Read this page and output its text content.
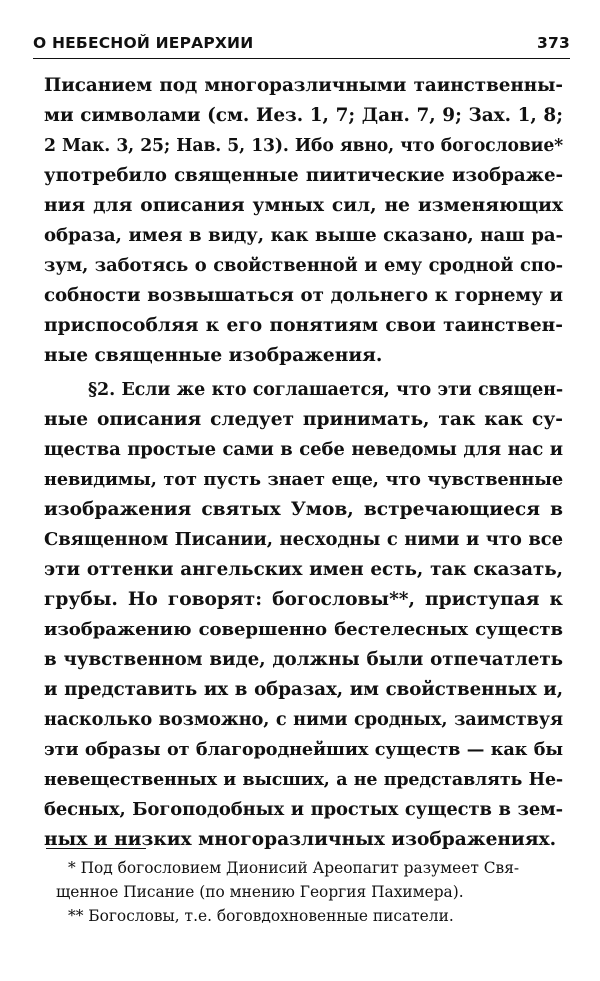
О НЕБЕСНОЙ ИЕРАРХИИ	373
Писанием под многоразличными таинственны-
ми символами (см. Иез. 1, 7; Дан. 7, 9; Зах. 1, 8;
2 Мак. 3, 25; Нав. 5, 13). Ибо явно, что богословие*
употребило священные пиитические изображе-
ния для описания умных сил, не изменяющих
образа, имея в виду, как выше сказано, наш ра-
зум, заботясь о свойственной и ему сродной спо-
собности возвышаться от дольнего к горнему и
приспособляя к его понятиям свои таинствен-
ные священные изображения.
§2. Если же кто соглашается, что эти священ-
ные описания следует принимать, так как су-
щества простые сами в себе неведомы для нас и
невидимы, тот пусть знает еще, что чувственные
изображения святых Умов, встречающиеся в
Священном Писании, несходны с ними и что все
эти оттенки ангельских имен есть, так сказать,
грубы. Но говорят: богословы**, приступая к
изображению совершенно бестелесных существ
в чувственном виде, должны были отпечатлеть
и представить их в образах, им свойственных и,
насколько возможно, с ними сродных, заимствуя
эти образы от благороднейших существ — как бы
невещественных и высших, а не представлять Не-
бесных, Богоподобных и простых существ в зем-
ных и низких многоразличных изображениях.
* Под богословием Дионисий Ареопагит разумеет Свя-
щенное Писание (по мнению Георгия Пахимера).
** Богословы, т.е. боговдохновенные писатели.
